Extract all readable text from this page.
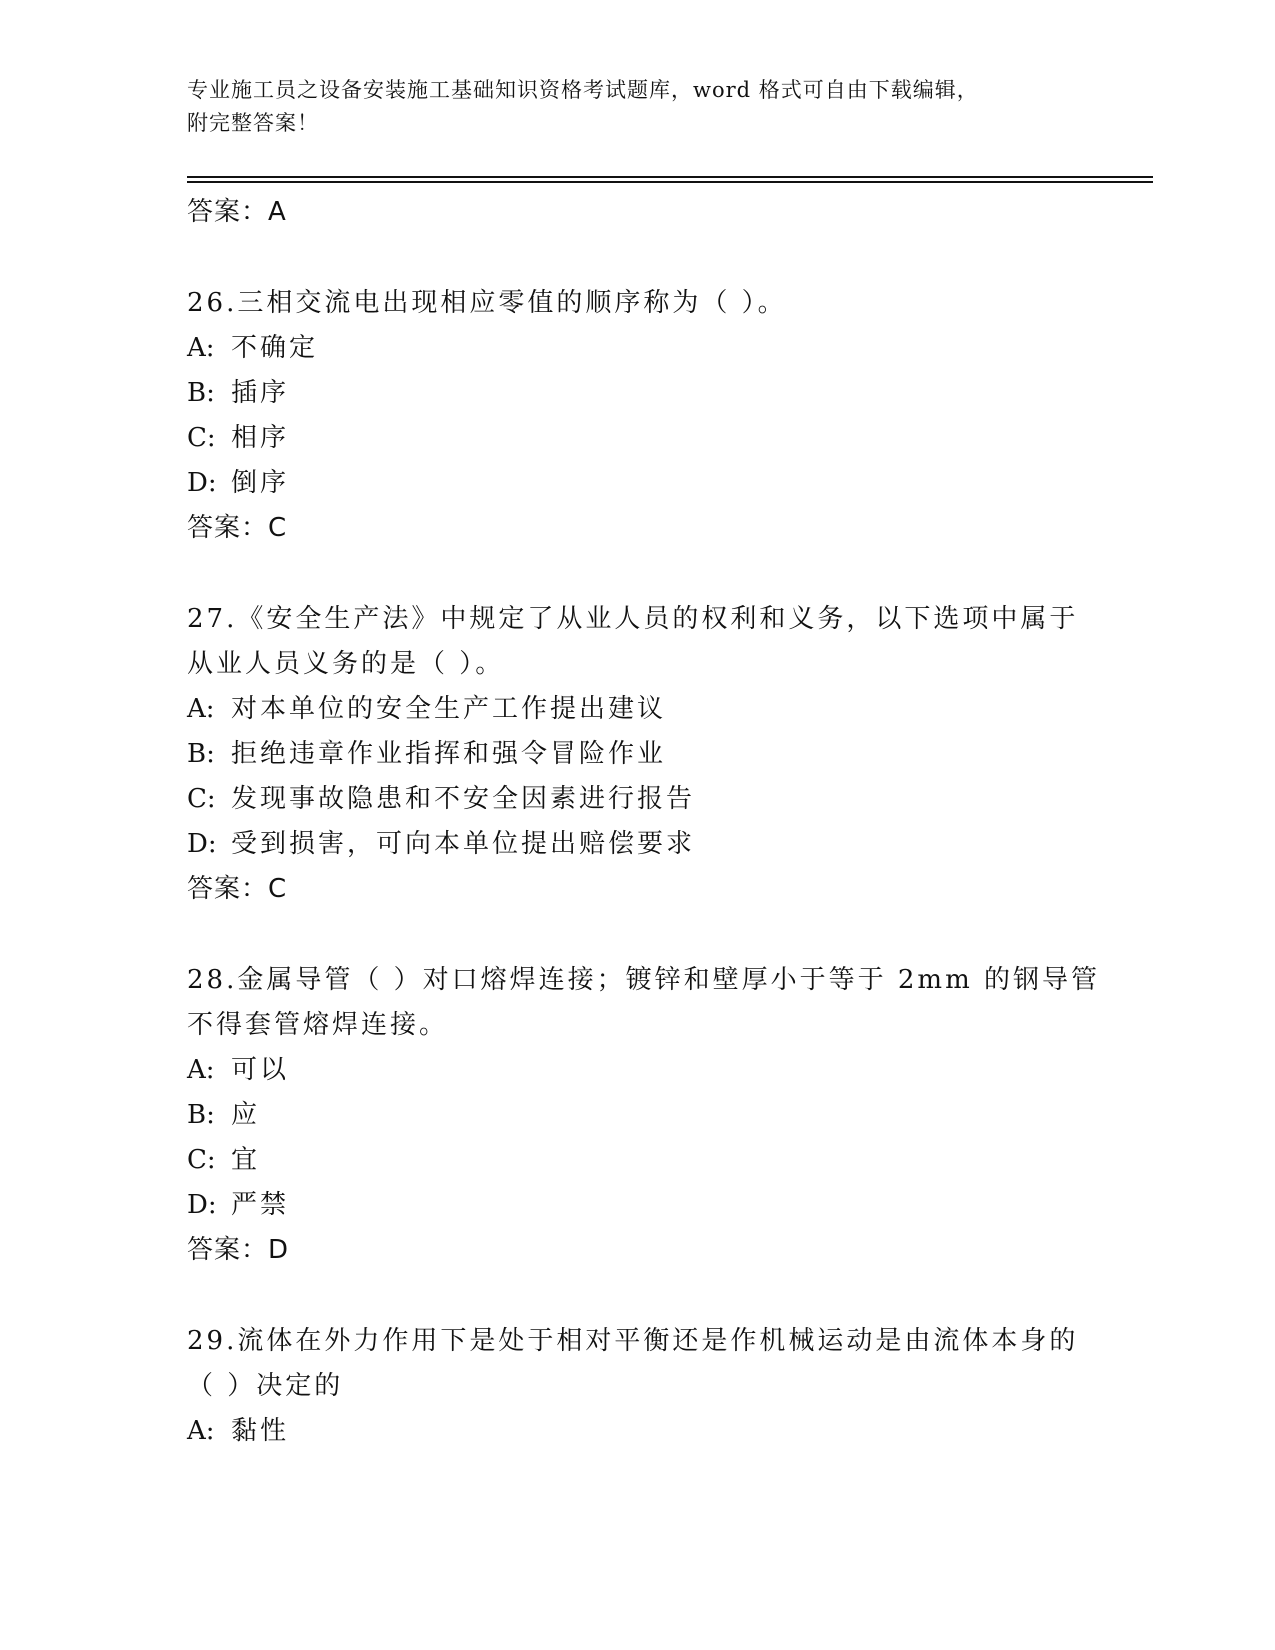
专业施工员之设备安装施工基础知识资格考试题库，word 格式可自由下载编辑，
附完整答案！
答案：A
26.三相交流电出现相应零值的顺序称为（ ）。
A: 不确定
B: 插序
C: 相序
D: 倒序
答案：C
27.《安全生产法》中规定了从业人员的权利和义务，以下选项中属于
从业人员义务的是（ ）。
A: 对本单位的安全生产工作提出建议
B: 拒绝违章作业指挥和强令冒险作业
C: 发现事故隐患和不安全因素进行报告
D: 受到损害，可向本单位提出赔偿要求
答案：C
28.金属导管（ ）对口熔焊连接；镀锌和壁厚小于等于 2mm 的钢导管
不得套管熔焊连接。
A: 可以
B: 应
C: 宜
D: 严禁
答案：D
29.流体在外力作用下是处于相对平衡还是作机械运动是由流体本身的
（ ）决定的
A: 黏性
